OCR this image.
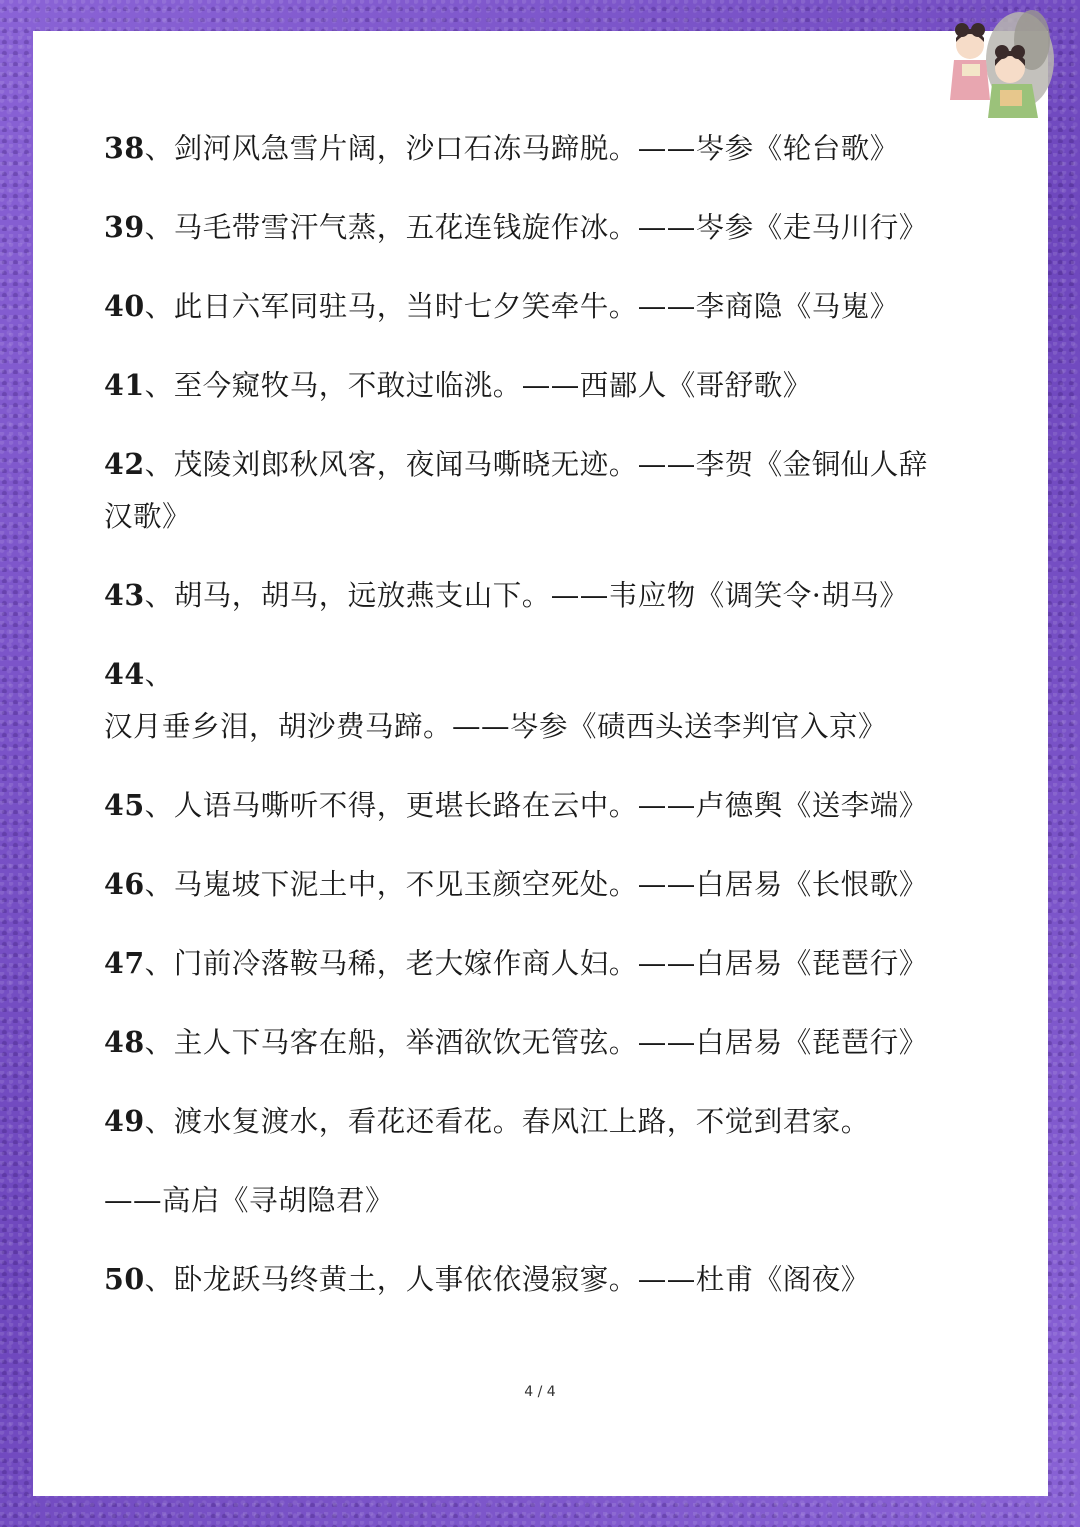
38、剑河风急雪片阔，沙口石冻马蹄脱。——岑参《轮台歌》
39、马毛带雪汗气蒸，五花连钱旋作冰。——岑参《走马川行》
40、此日六军同驻马，当时七夕笑牵牛。——李商隐《马嵬》
41、至今窥牧马，不敢过临洮。——西鄙人《哥舒歌》
42、茂陵刘郎秋风客，夜闻马嘶晓无迹。——李贺《金铜仙人辞汉歌》
43、胡马，胡马，远放燕支山下。——韦应物《调笑令·胡马》
44、汉月垂乡泪，胡沙费马蹄。——岑参《碛西头送李判官入京》
45、人语马嘶听不得，更堪长路在云中。——卢德舆《送李端》
46、马嵬坡下泥土中，不见玉颜空死处。——白居易《长恨歌》
47、门前冷落鞍马稀，老大嫁作商人妇。——白居易《琵琶行》
48、主人下马客在船，举酒欲饮无管弦。——白居易《琵琶行》
49、渡水复渡水，看花还看花。春风江上路，不觉到君家。
——高启《寻胡隐君》
50、卧龙跃马终黄土，人事依依漫寂寥。——杜甫《阁夜》
4 / 4
